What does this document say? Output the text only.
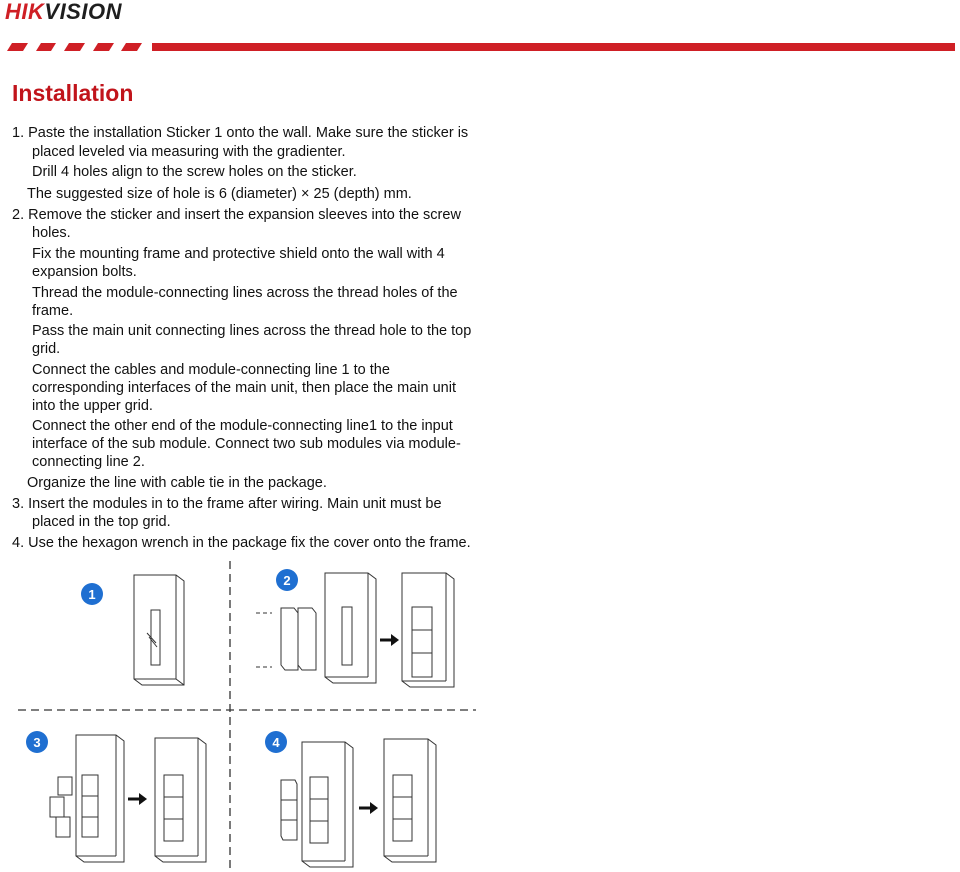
HIKVISION
Installation
1. Paste the installation Sticker 1 onto the wall. Make sure the sticker is
placed leveled via measuring with the gradienter.
Drill 4 holes align to the screw holes on the sticker.
The suggested size of hole is 6 (diameter) × 25 (depth) mm.
2. Remove the sticker and insert the expansion sleeves into the screw
holes.
Fix the mounting frame and protective shield onto the wall with 4
expansion bolts.
Thread the module-connecting lines across the thread holes of the
frame.
Pass the main unit connecting lines across the thread hole to the top
grid.
Connect the cables and module-connecting line 1 to the
corresponding interfaces of the main unit, then place the main unit
into the upper grid.
Connect the other end of the module-connecting line1 to the input
interface of the sub module. Connect two sub modules via module-
connecting line 2.
Organize the line with cable tie in the package.
3. Insert the modules in to the frame after wiring. Main unit must be
placed in the top grid.
4. Use the hexagon wrench in the package fix the cover onto the frame.
1
2
3	4
